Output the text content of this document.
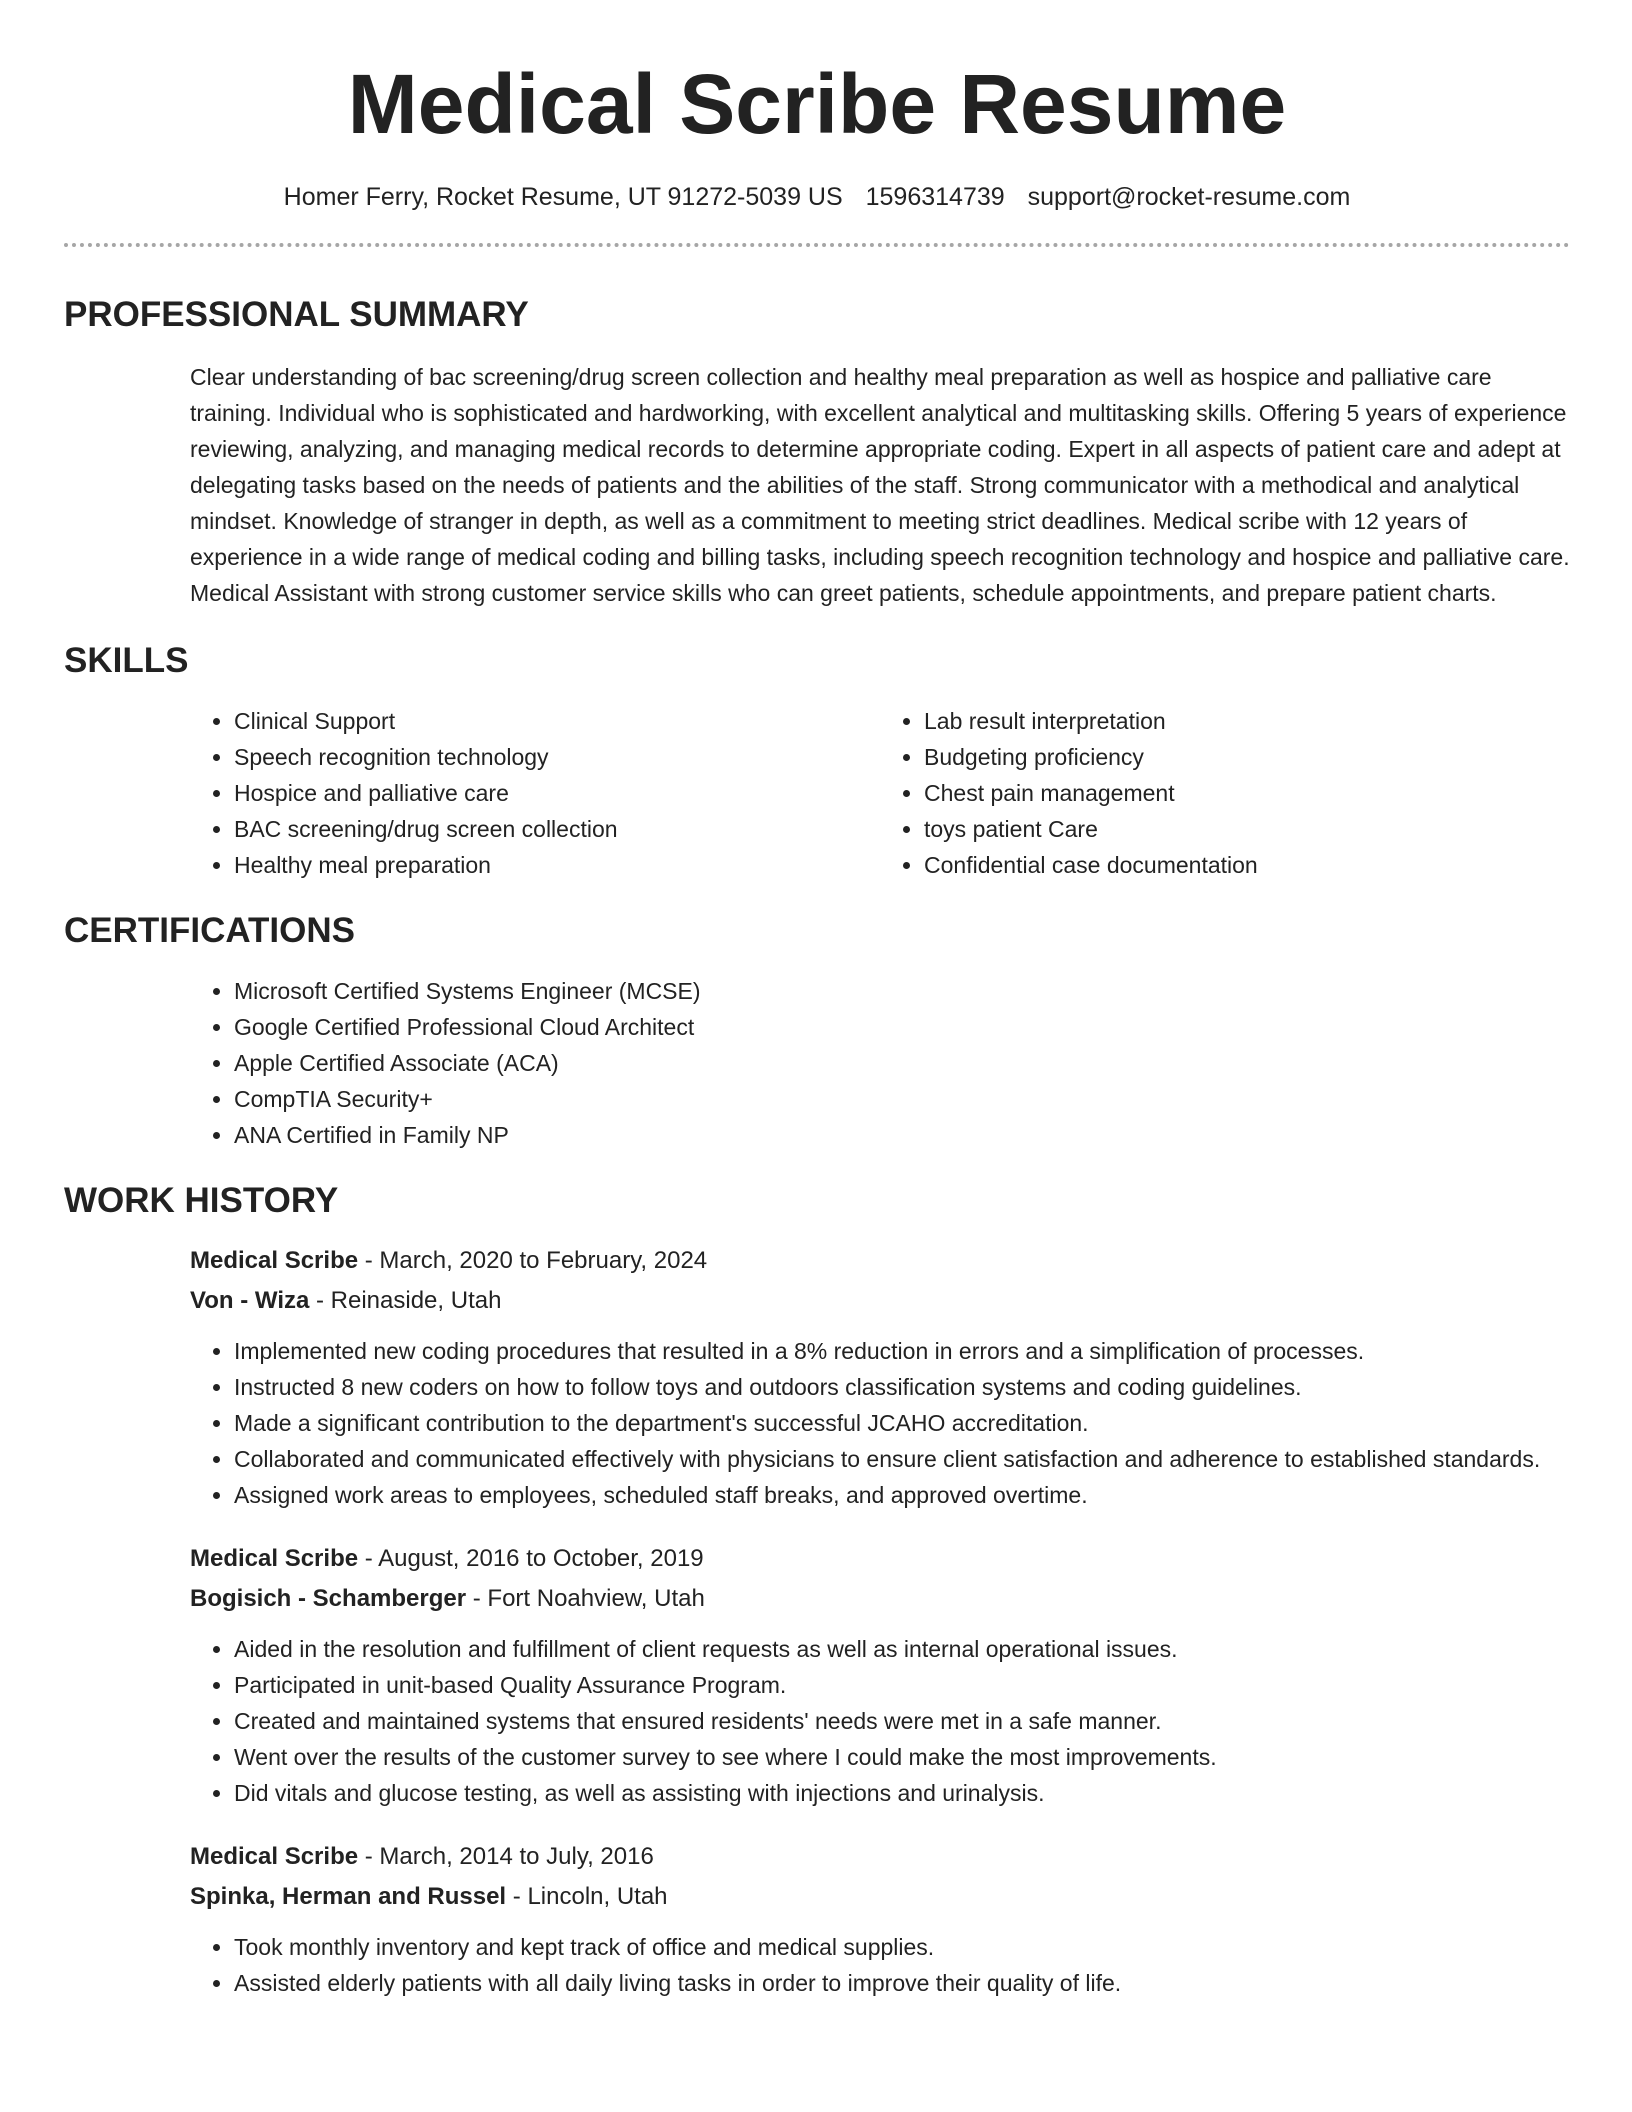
Medical Scribe Resume
Homer Ferry, Rocket Resume, UT 91272-5039 US 1596314739 support@rocket-resume.com
PROFESSIONAL SUMMARY

Clear understanding of bac screening/drug screen collection and healthy meal preparation as well as hospice and palliative care training. Individual who is sophisticated and hardworking, with excellent analytical and multitasking skills. Offering 5 years of experience reviewing, analyzing, and managing medical records to determine appropriate coding. Expert in all aspects of patient care and adept at delegating tasks based on the needs of patients and the abilities of the staff. Strong communicator with a methodical and analytical mindset. Knowledge of stranger in depth, as well as a commitment to meeting strict deadlines. Medical scribe with 12 years of experience in a wide range of medical coding and billing tasks, including speech recognition technology and hospice and palliative care. Medical Assistant with strong customer service skills who can greet patients, schedule appointments, and prepare patient charts.

SKILLS
• Clinical Support
• Speech recognition technology
• Hospice and palliative care
• BAC screening/drug screen collection
• Healthy meal preparation
• Lab result interpretation
• Budgeting proficiency
• Chest pain management
• toys patient Care
• Confidential case documentation
CERTIFICATIONS
• Microsoft Certified Systems Engineer (MCSE)
• Google Certified Professional Cloud Architect
• Apple Certified Associate (ACA)
• CompTIA Security+
• ANA Certified in Family NP
WORK HISTORY
Medical Scribe - March, 2020 to February, 2024
Von - Wiza - Reinaside, Utah
• Implemented new coding procedures that resulted in a 8% reduction in errors and a simplification of processes.
• Instructed 8 new coders on how to follow toys and outdoors classification systems and coding guidelines.
• Made a significant contribution to the department's successful JCAHO accreditation.
• Collaborated and communicated effectively with physicians to ensure client satisfaction and adherence to established standards.
• Assigned work areas to employees, scheduled staff breaks, and approved overtime.
Medical Scribe - August, 2016 to October, 2019
Bogisich - Schamberger - Fort Noahview, Utah
• Aided in the resolution and fulfillment of client requests as well as internal operational issues.
• Participated in unit-based Quality Assurance Program.
• Created and maintained systems that ensured residents' needs were met in a safe manner.
• Went over the results of the customer survey to see where I could make the most improvements.
• Did vitals and glucose testing, as well as assisting with injections and urinalysis.
Medical Scribe - March, 2014 to July, 2016
Spinka, Herman and Russel - Lincoln, Utah
• Took monthly inventory and kept track of office and medical supplies.
• Assisted elderly patients with all daily living tasks in order to improve their quality of life.
